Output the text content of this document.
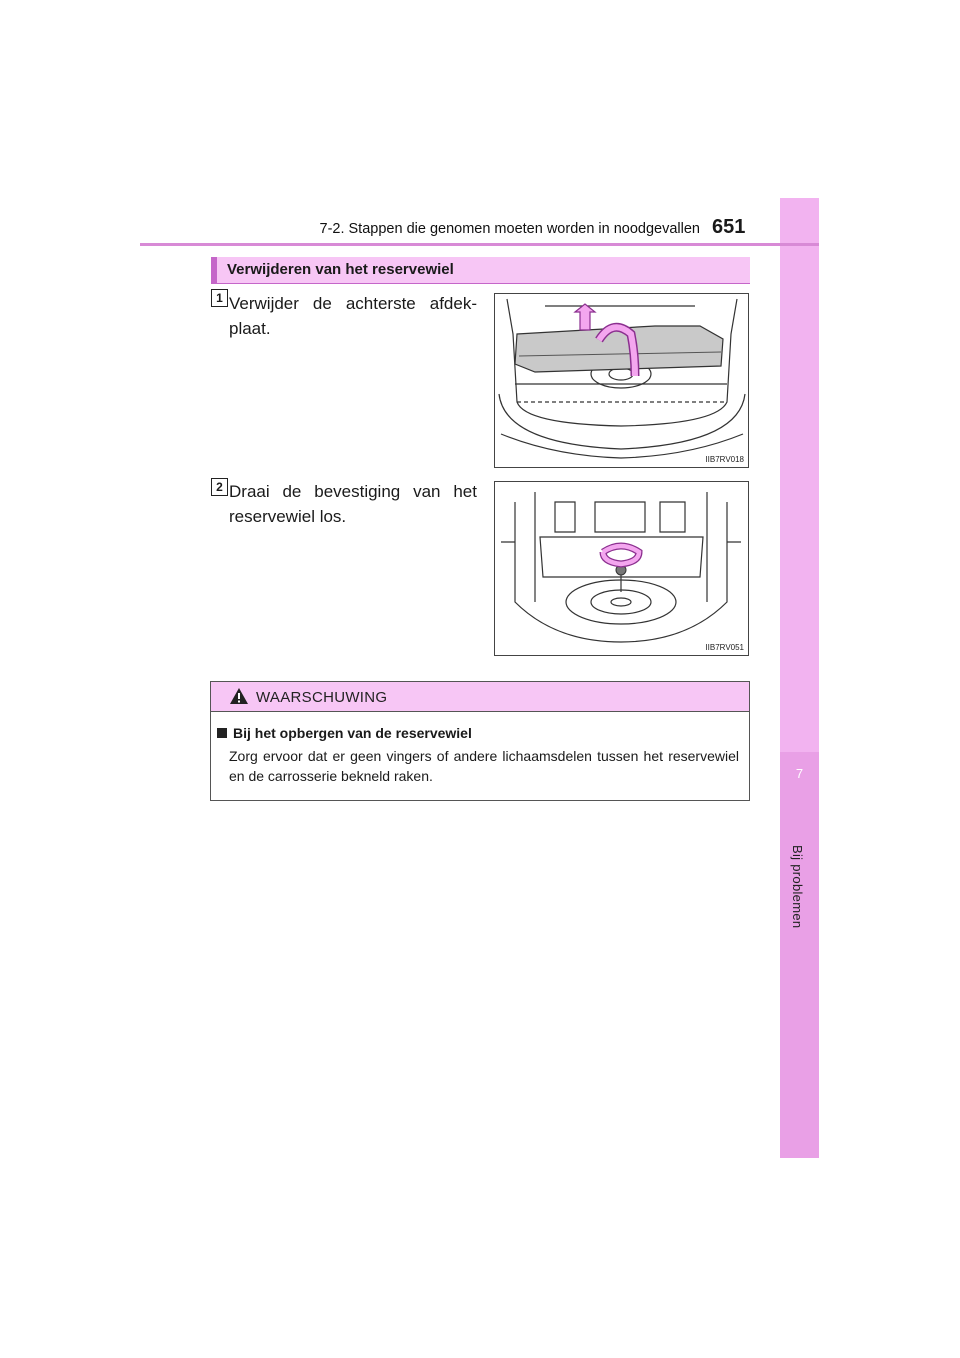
7
Bij problemen
7-2. Stappen die genomen moeten worden in noodgevallen 651
Verwijderen van het reservewiel
1 Verwijder de achterste afdek-plaat.
IIB7RV018
2 Draai de bevestiging van het reservewiel los.
IIB7RV051
WAARSCHUWING
Bij het opbergen van de reservewiel
Zorg ervoor dat er geen vingers of andere lichaamsdelen tussen het reservewiel en de carrosserie bekneld raken.
